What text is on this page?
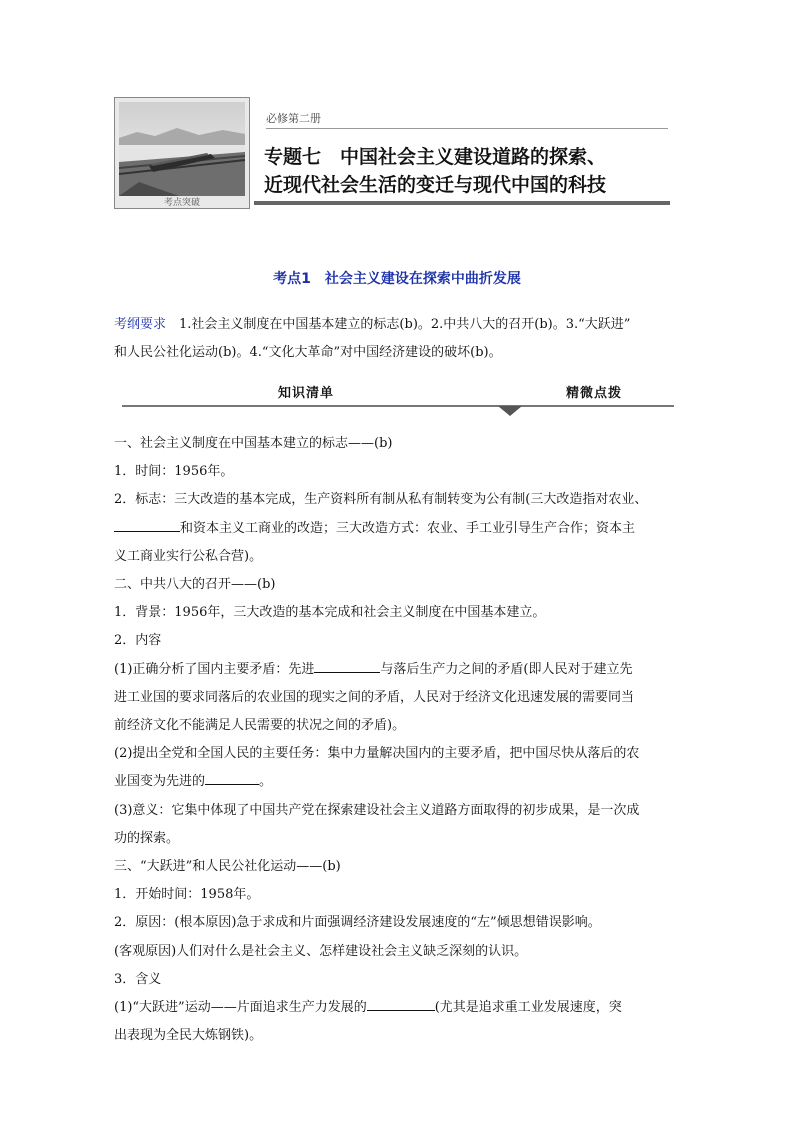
考点突破
必修第二册
专题七　中国社会主义建设道路的探索、
近现代社会生活的变迁与现代中国的科技
考点1　社会主义建设在探索中曲折发展
考纲要求　1.社会主义制度在中国基本建立的标志(b)。2.中共八大的召开(b)。3.“大跃进”
和人民公社化运动(b)。4.“文化大革命”对中国经济建设的破坏(b)。
知识清单	精微点拨

一、社会主义制度在中国基本建立的标志——(b)

1．时间：1956年。

2．标志：三大改造的基本完成，生产资料所有制从私有制转变为公有制(三大改造指对农业、

和资本主义工商业的改造；三大改造方式：农业、手工业引导生产合作；资本主

义工商业实行公私合营)。

二、中共八大的召开——(b)

1．背景：1956年，三大改造的基本完成和社会主义制度在中国基本建立。

2．内容

(1)正确分析了国内主要矛盾：先进	与落后生产力之间的矛盾(即人民对于建立先

进工业国的要求同落后的农业国的现实之间的矛盾，人民对于经济文化迅速发展的需要同当

前经济文化不能满足人民需要的状况之间的矛盾)。

(2)提出全党和全国人民的主要任务：集中力量解决国内的主要矛盾，把中国尽快从落后的农

业国变为先进的	。

(3)意义：它集中体现了中国共产党在探索建设社会主义道路方面取得的初步成果，是一次成

功的探索。

三、“大跃进”和人民公社化运动——(b)

1．开始时间：1958年。

2．原因：(根本原因)急于求成和片面强调经济建设发展速度的“左”倾思想错误影响。

(客观原因)人们对什么是社会主义、怎样建设社会主义缺乏深刻的认识。

3．含义

(1)“大跃进”运动——片面追求生产力发展的	(尤其是追求重工业发展速度，突

出表现为全民大炼钢铁)。
